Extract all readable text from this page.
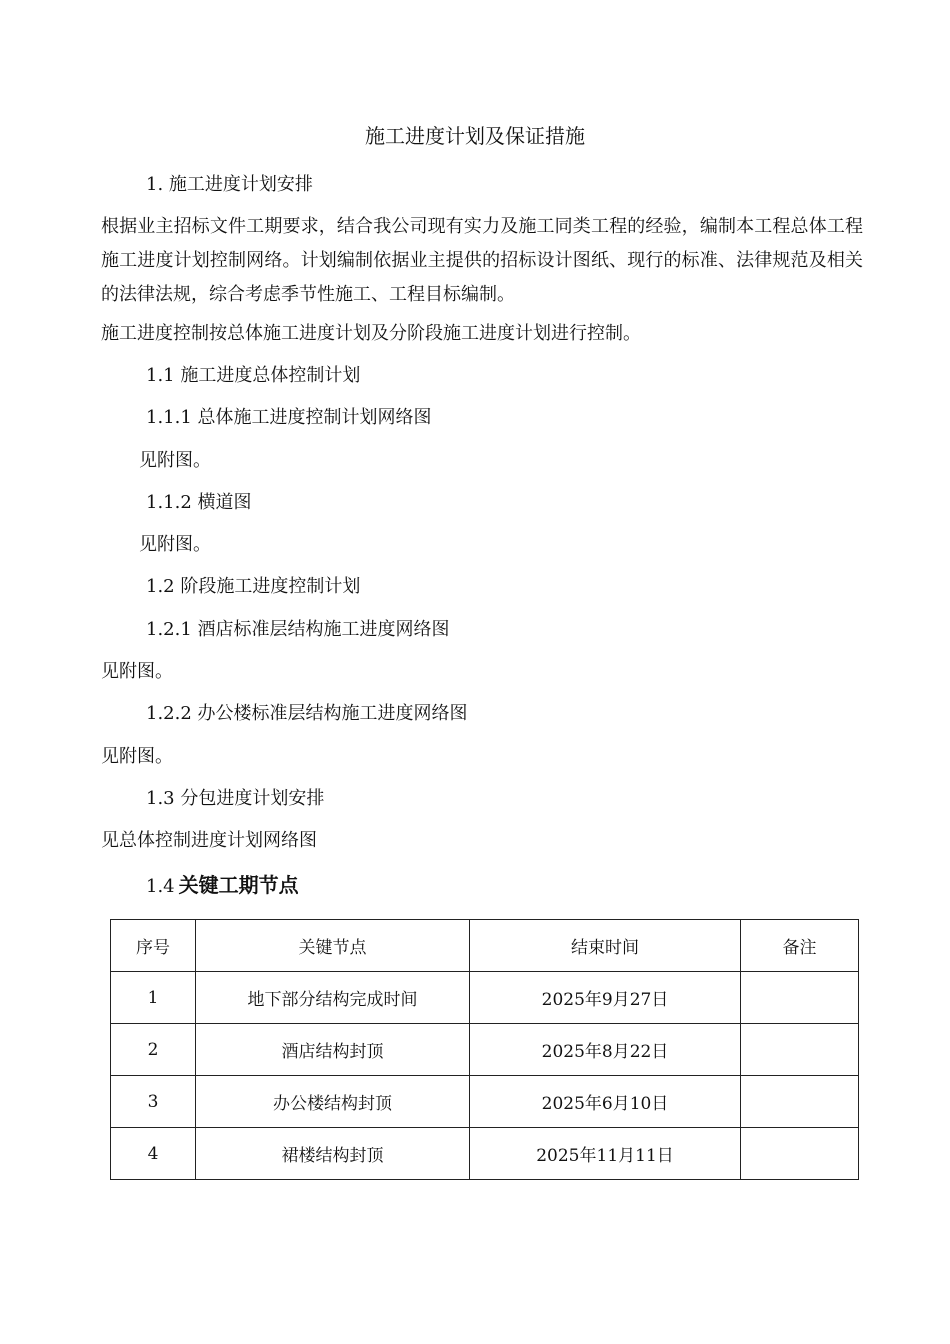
施工进度计划及保证措施
1. 施工进度计划安排
根据业主招标文件工期要求，结合我公司现有实力及施工同类工程的经验，编制本工程总体工程施工进度计划控制网络。计划编制依据业主提供的招标设计图纸、现行的标准、法律规范及相关的法律法规，综合考虑季节性施工、工程目标编制。
施工进度控制按总体施工进度计划及分阶段施工进度计划进行控制。
1.1 施工进度总体控制计划
1.1.1 总体施工进度控制计划网络图
见附图。
1.1.2 横道图
见附图。
1.2 阶段施工进度控制计划
1.2.1 酒店标准层结构施工进度网络图
见附图。
1.2.2 办公楼标准层结构施工进度网络图
见附图。
1.3 分包进度计划安排
见总体控制进度计划网络图
1.4 关键工期节点
序号	关键节点	结束时间	备注
1	地下部分结构完成时间	2025年9月27日	
2	酒店结构封顶	2025年8月22日	
3	办公楼结构封顶	2025年6月10日	
4	裙楼结构封顶	2025年11月11日	
